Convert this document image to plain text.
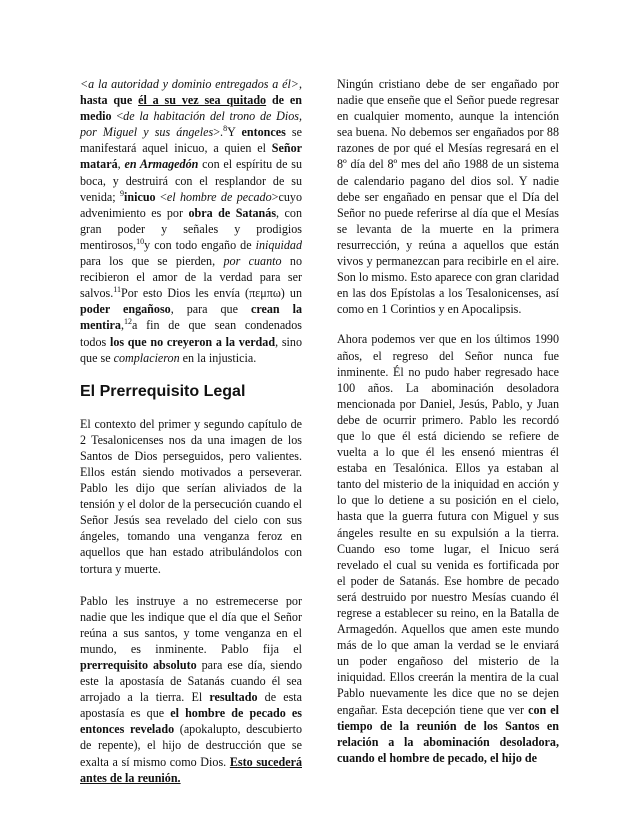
<a la autoridad y dominio entregados a él>, hasta que él a su vez sea quitado de en medio <de la habitación del trono de Dios, por Miguel y sus ángeles>.$^8$Y entonces se manifestará aquel inicuo, a quien el Señor matará, en Armagedón con el espíritu de su boca, y destruirá con el resplandor de su venida; $^9$inicuo <el hombre de pecado>cuyo advenimiento es por obra de Satanás, con gran poder y señales y prodigios mentirosos,$^{10}$y con todo engaño de iniquidad para los que se pierden, por cuanto no recibieron el amor de la verdad para ser salvos.$^{11}$Por esto Dios les envía (πεμπω) un poder engañoso, para que crean la mentira,$^{12}$a fin de que sean condenados todos los que no creyeron a la verdad, sino que se complacieron en la injusticia.

El Prerrequisito Legal

El contexto del primer y segundo capítulo de 2 Tesalonicenses nos da una imagen de los Santos de Dios perseguidos, pero valientes. Ellos están siendo motivados a perseverar. Pablo les dijo que serían aliviados de la tensión y el dolor de la persecución cuando el Señor Jesús sea revelado del cielo con sus ángeles, tomando una venganza feroz en aquellos que han estado atribulándolos con tortura y muerte.

Pablo les instruye a no estremecerse por nadie que les indique que el día que el Señor reúna a sus santos, y tome venganza en el mundo, es inminente. Pablo fija el prerrequisito absoluto para ese día, siendo este la apostasía de Satanás cuando él sea arrojado a la tierra. El resultado de esta apostasía es que el hombre de pecado es entonces revelado (apokalupto, descubierto de repente), el hijo de destrucción que se exalta a sí mismo como Dios. Esto sucederá antes de la reunión.

Ningún cristiano debe de ser engañado por nadie que enseñe que el Señor puede regresar en cualquier momento, aunque la intención sea buena. No debemos ser engañados por 88 razones de por qué el Mesías regresará en el 8º día del 8º mes del año 1988 de un sistema de calendario pagano del dios sol. Y nadie debe ser engañado en pensar que el Día del Señor no puede referirse al día que el Mesías se levanta de la muerte en la primera resurrección, y reúna a aquellos que están vivos y permanezcan para recibirle en el aire. Son lo mismo. Esto aparece con gran claridad en las dos Epístolas a los Tesalonicenses, así como en 1 Corintios y en Apocalipsis.

Ahora podemos ver que en los últimos 1990 años, el regreso del Señor nunca fue inminente. Él no pudo haber regresado hace 100 años. La abominación desoladora mencionada por Daniel, Jesús, Pablo, y Juan debe de ocurrir primero. Pablo les recordó que lo que él está diciendo se refiere de vuelta a lo que él les ensenó mientras él estaba en Tesalónica. Ellos ya estaban al tanto del misterio de la iniquidad en acción y lo que lo detiene a su posición en el cielo, hasta que la guerra futura con Miguel y sus ángeles resulte en su expulsión a la tierra. Cuando eso tome lugar, el Inicuo será revelado el cual su venida es fortificada por el poder de Satanás. Ese hombre de pecado será destruido por nuestro Mesías cuando él regrese a establecer su reino, en la Batalla de Armagedón. Aquellos que amen este mundo más de lo que aman la verdad se le enviará un poder engañoso del misterio de la iniquidad. Ellos creerán la mentira de la cual Pablo nuevamente les dice que no se dejen engañar. Esta decepción tiene que ver con el tiempo de la reunión de los Santos en relación a la abominación desoladora, cuando el hombre de pecado, el hijo de
